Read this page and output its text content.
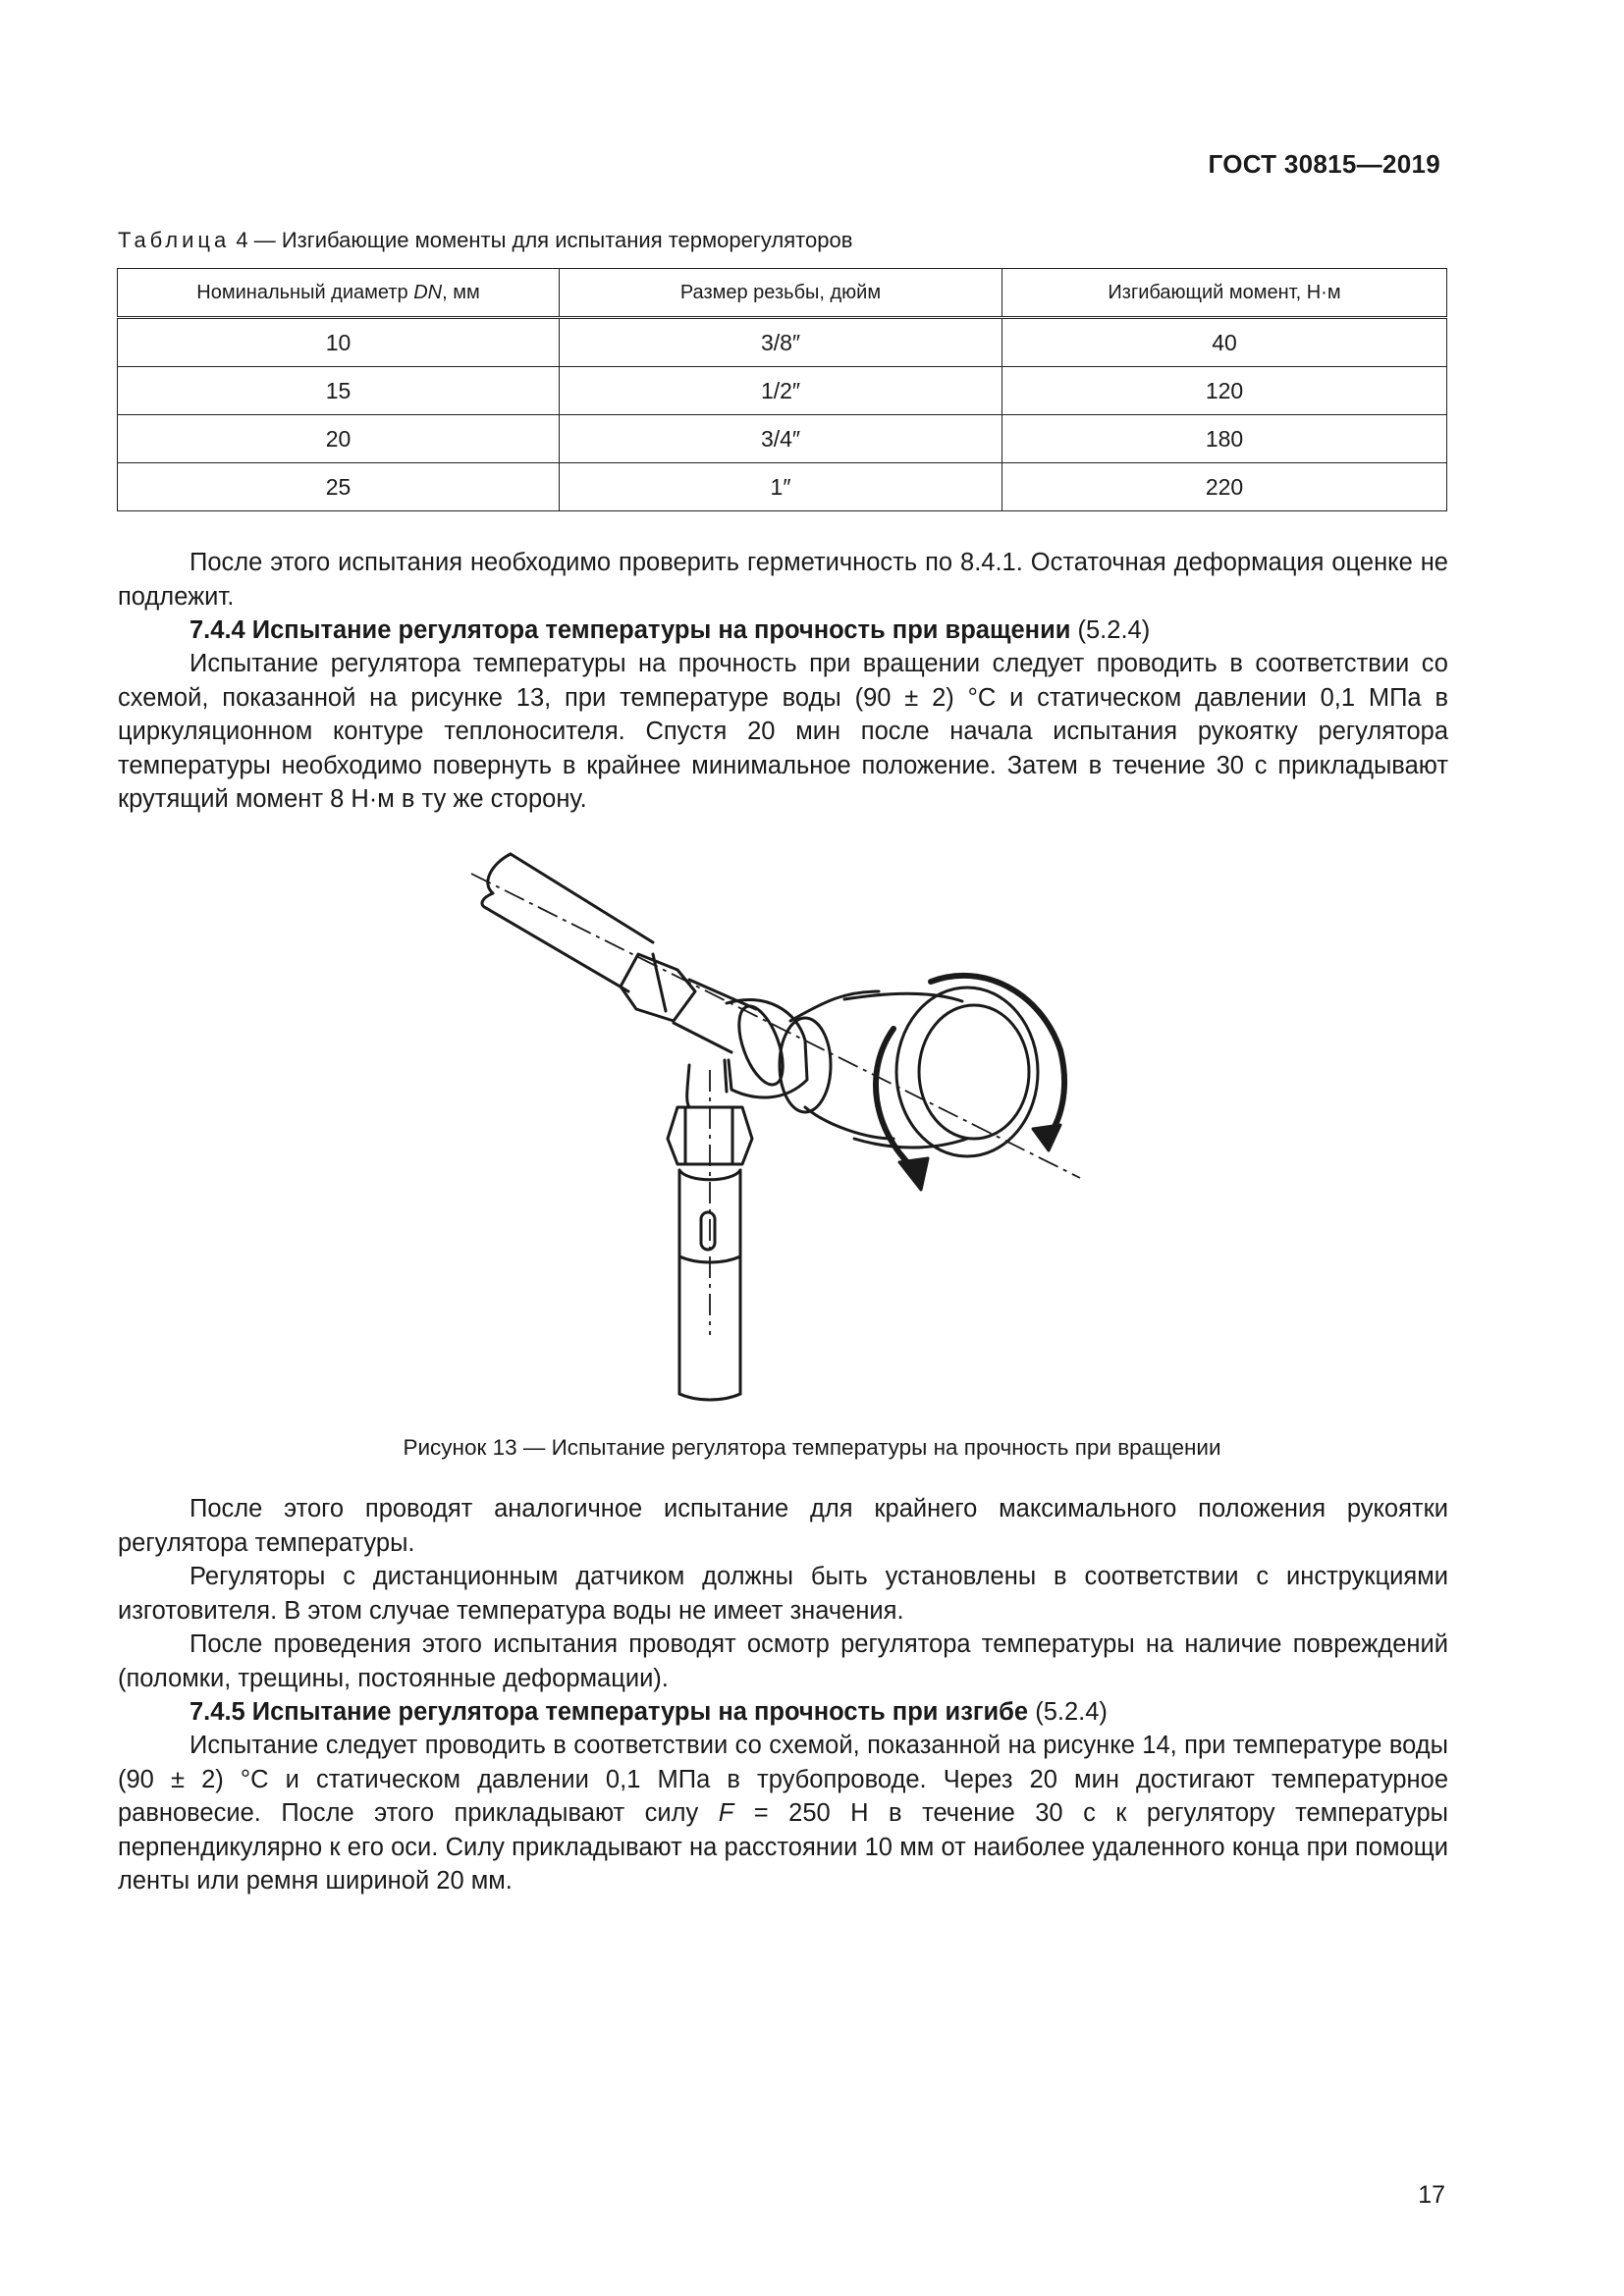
ГОСТ 30815—2019
Таблица 4 — Изгибающие моменты для испытания терморегуляторов
Номинальный диаметр DN, мм	Размер резьбы, дюйм	Изгибающий момент, Н·м
10	3/8″	40
15	1/2″	120
20	3/4″	180
25	1″	220

После этого испытания необходимо проверить герметичность по 8.4.1. Остаточная деформация оценке не подлежит.

7.4.4 Испытание регулятора температуры на прочность при вращении (5.2.4)

Испытание регулятора температуры на прочность при вращении следует проводить в соответствии со схемой, показанной на рисунке 13, при температуре воды (90 ± 2) °С и статическом давлении 0,1 МПа в циркуляционном контуре теплоносителя. Спустя 20 мин после начала испытания рукоятку регулятора температуры необходимо повернуть в крайнее минимальное положение. Затем в течение 30 с прикладывают крутящий момент 8 Н·м в ту же сторону.

Рисунок 13 — Испытание регулятора температуры на прочность при вращении

После этого проводят аналогичное испытание для крайнего максимального положения рукоятки регулятора температуры.

Регуляторы с дистанционным датчиком должны быть установлены в соответствии с инструкциями изготовителя. В этом случае температура воды не имеет значения.

После проведения этого испытания проводят осмотр регулятора температуры на наличие повреждений (поломки, трещины, постоянные деформации).

7.4.5 Испытание регулятора температуры на прочность при изгибе (5.2.4)

Испытание следует проводить в соответствии со схемой, показанной на рисунке 14, при температуре воды (90 ± 2) °С и статическом давлении 0,1 МПа в трубопроводе. Через 20 мин достигают температурное равновесие. После этого прикладывают силу F = 250 Н в течение 30 с к регулятору температуры перпендикулярно к его оси. Силу прикладывают на расстоянии 10 мм от наиболее удаленного конца при помощи ленты или ремня шириной 20 мм.

17
